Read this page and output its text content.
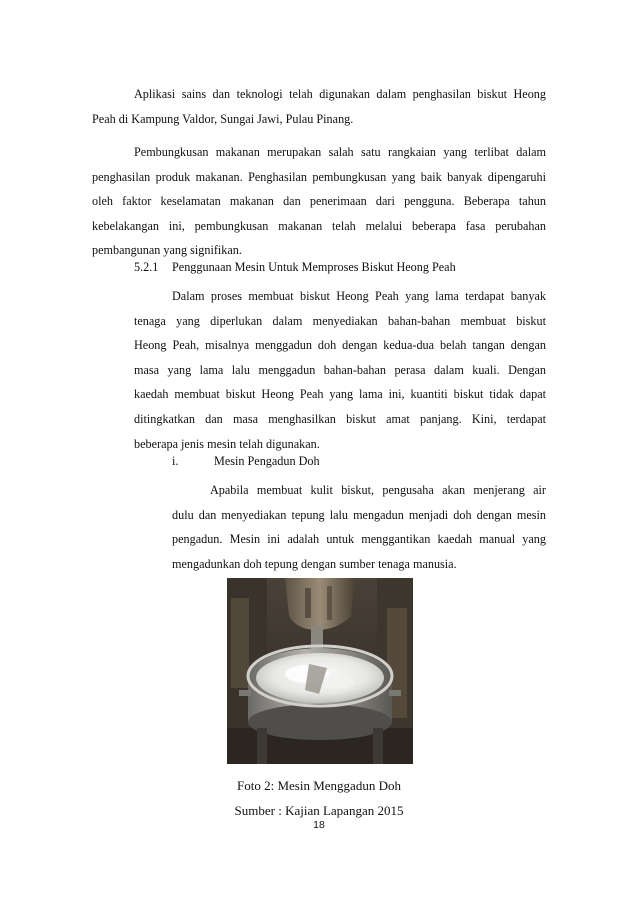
Aplikasi sains dan teknologi telah digunakan dalam penghasilan biskut Heong
Peah di Kampung Valdor, Sungai Jawi, Pulau Pinang.
Pembungkusan makanan merupakan salah satu rangkaian yang terlibat dalam
penghasilan produk makanan. Penghasilan pembungkusan yang baik banyak dipengaruhi
oleh faktor keselamatan makanan dan penerimaan dari pengguna. Beberapa tahun
kebelakangan ini, pembungkusan makanan telah melalui beberapa fasa perubahan
pembangunan yang signifikan.
5.2.1 Penggunaan Mesin Untuk Memproses Biskut Heong Peah
Dalam proses membuat biskut Heong Peah yang lama terdapat banyak
tenaga yang diperlukan dalam menyediakan bahan-bahan membuat biskut
Heong Peah, misalnya menggadun doh dengan kedua-dua belah tangan dengan
masa yang lama lalu menggadun bahan-bahan perasa dalam kuali. Dengan
kaedah membuat biskut Heong Peah yang lama ini, kuantiti biskut tidak dapat
ditingkatkan dan masa menghasilkan biskut amat panjang. Kini, terdapat
beberapa jenis mesin telah digunakan.
i.	Mesin Pengadun Doh
Apabila membuat kulit biskut, pengusaha akan menjerang air
dulu dan menyediakan tepung lalu mengadun menjadi doh dengan mesin
pengadun. Mesin ini adalah untuk menggantikan kaedah manual yang
mengadunkan doh tepung dengan sumber tenaga manusia.
Foto 2: Mesin Menggadun Doh
Sumber : Kajian Lapangan 2015
18
